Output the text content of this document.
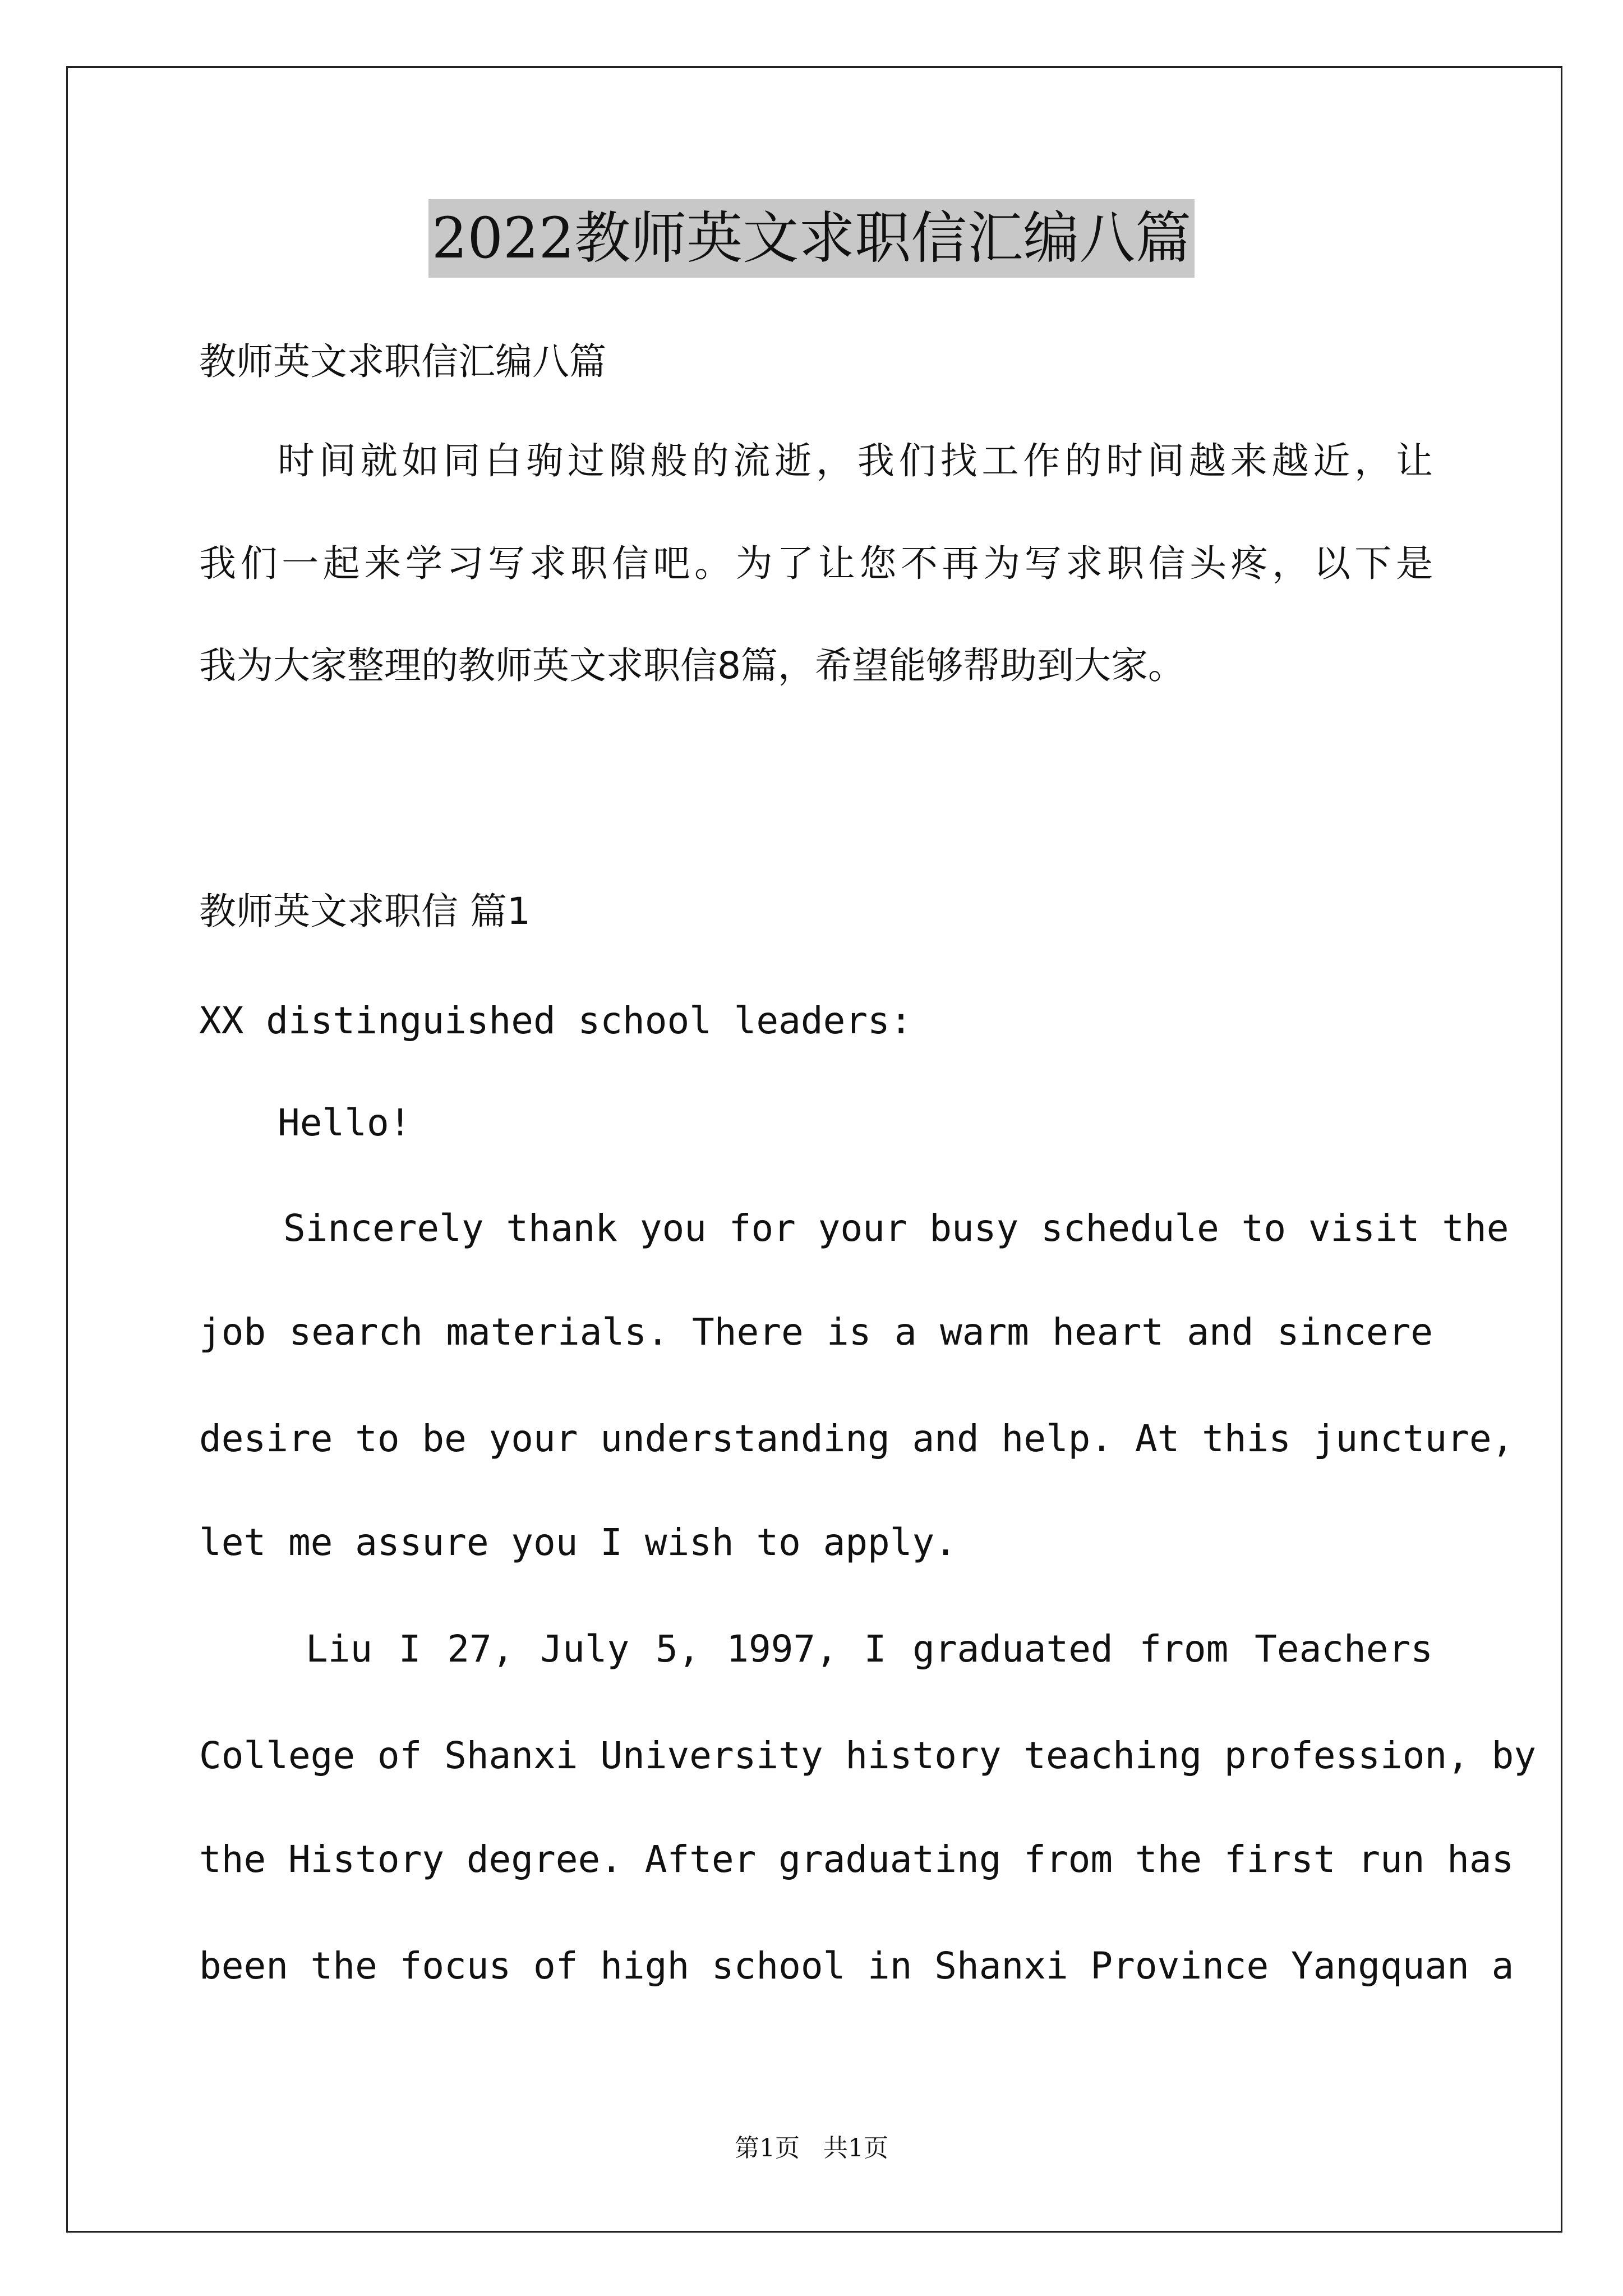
2022教师英文求职信汇编八篇
教师英文求职信汇编八篇
时间就如同白驹过隙般的流逝，我们找工作的时间越来越近，让
我们一起来学习写求职信吧。为了让您不再为写求职信头疼，以下是
我为大家整理的教师英文求职信8篇，希望能够帮助到大家。
教师英文求职信 篇1
XX distinguished school leaders:
Hello!
Sincerely thank you for your busy schedule to visit the
job search materials. There is a warm heart and sincere
desire to be your understanding and help. At this juncture,
let me assure you I wish to apply.
Liu I 27, July 5, 1997, I graduated from Teachers
College of Shanxi University history teaching profession, by
the History degree. After graduating from the first run has
been the focus of high school in Shanxi Province Yangquan a
第1页   共1页
